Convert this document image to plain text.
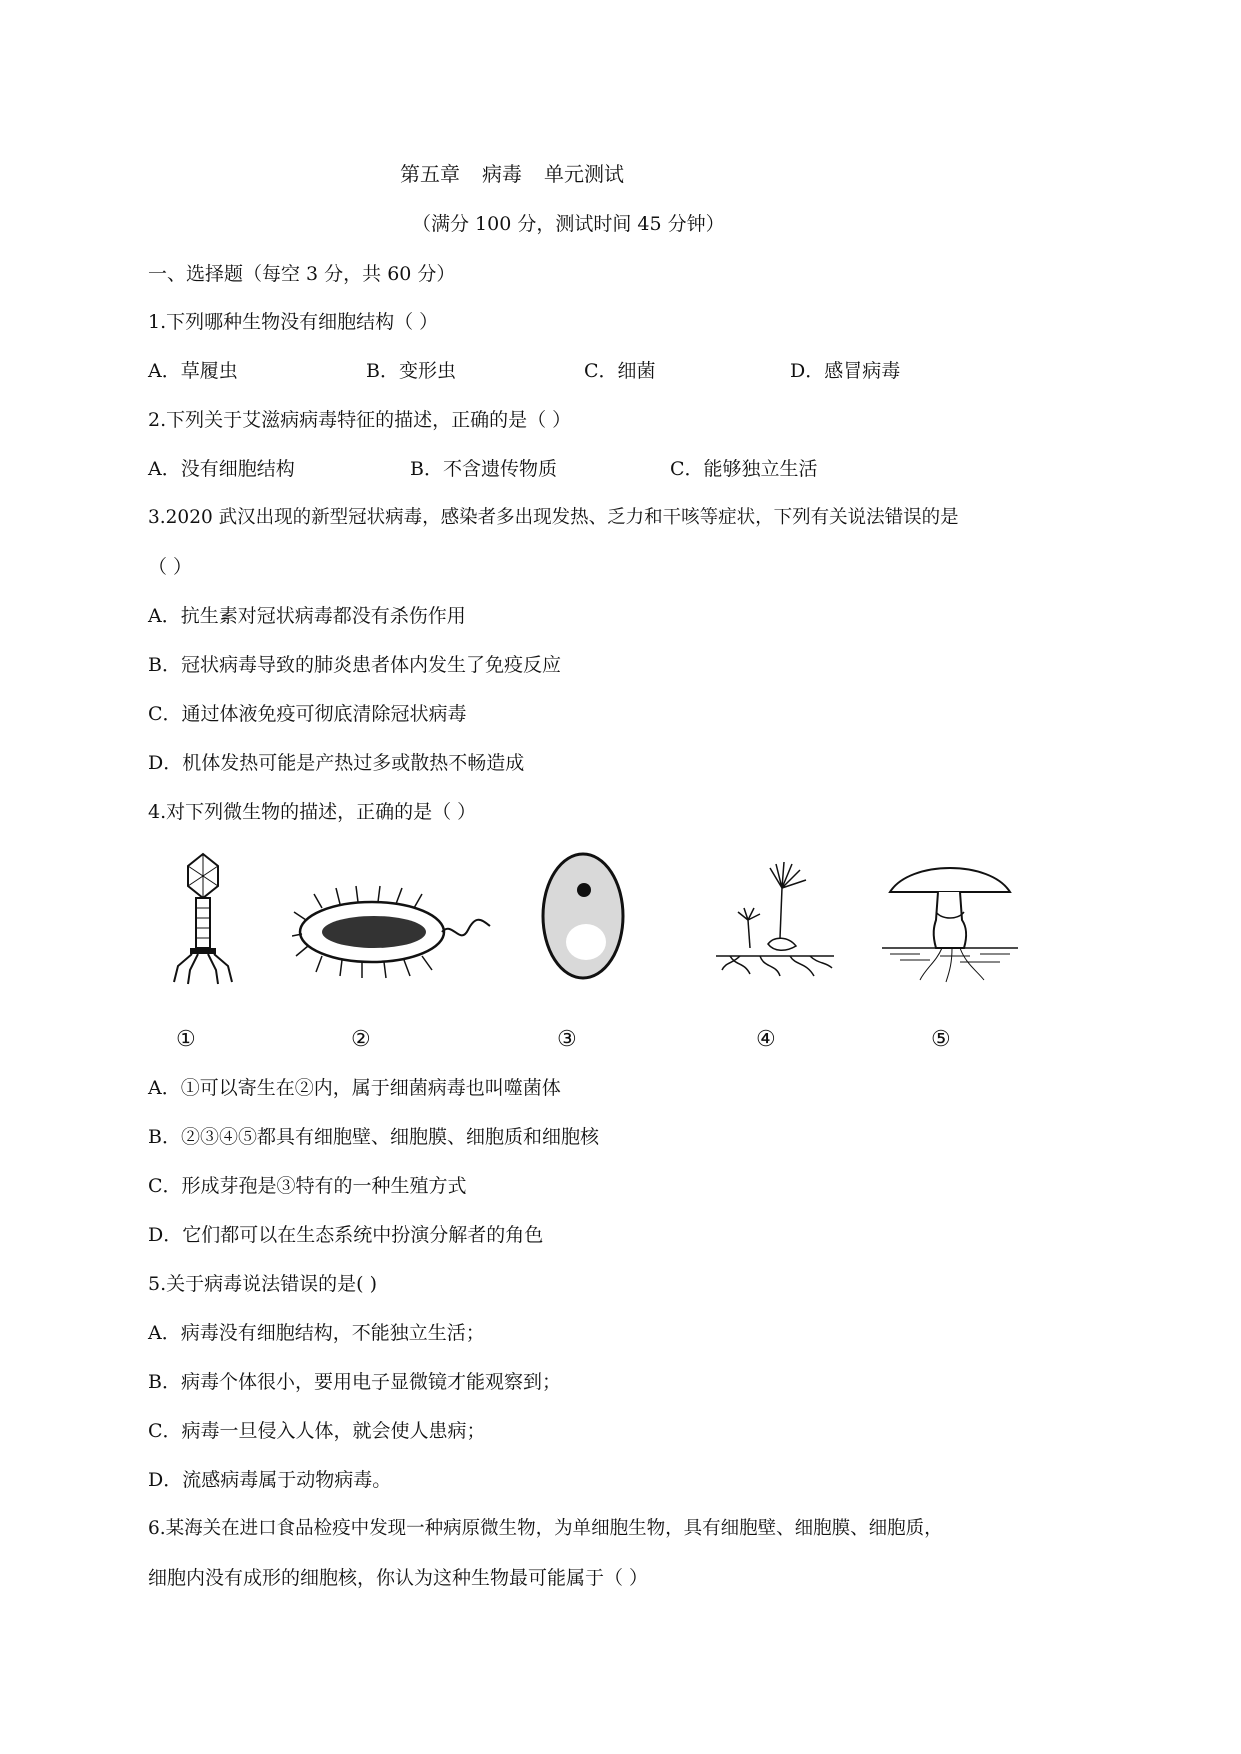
第五章 病毒 单元测试
（满分 100 分，测试时间 45 分钟）
一、选择题（每空 3 分，共 60 分）
1.下列哪种生物没有细胞结构（ ）
A．草履虫	B．变形虫	C．细菌	D．感冒病毒
2.下列关于艾滋病病毒特征的描述，正确的是（ ）
A．没有细胞结构	B．不含遗传物质	C．能够独立生活
3.2020 武汉出现的新型冠状病毒，感染者多出现发热、乏力和干咳等症状，下列有关说法错误的是
（ ）
A．抗生素对冠状病毒都没有杀伤作用
B．冠状病毒导致的肺炎患者体内发生了免疫反应
C．通过体液免疫可彻底清除冠状病毒
D．机体发热可能是产热过多或散热不畅造成
4.对下列微生物的描述，正确的是（ ）
①	②	③	④	⑤
A．①可以寄生在②内，属于细菌病毒也叫噬菌体
B．②③④⑤都具有细胞壁、细胞膜、细胞质和细胞核
C．形成芽孢是③特有的一种生殖方式
D．它们都可以在生态系统中扮演分解者的角色
5.关于病毒说法错误的是( )
A．病毒没有细胞结构，不能独立生活；
B．病毒个体很小，要用电子显微镜才能观察到；
C．病毒一旦侵入人体，就会使人患病；
D．流感病毒属于动物病毒。
6.某海关在进口食品检疫中发现一种病原微生物，为单细胞生物，具有细胞壁、细胞膜、细胞质，
细胞内没有成形的细胞核，你认为这种生物最可能属于（ ）
